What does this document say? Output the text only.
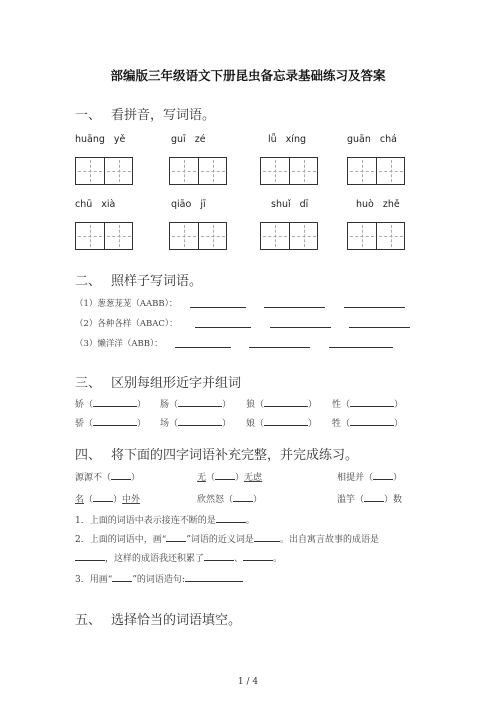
部编版三年级语文下册昆虫备忘录基础练习及答案
一、 看拼音，写词语。
huāng yě	guī zé	lǚ xíng	guān chá
chū xià	qiāo jī	shuǐ dī	huò zhě
二、 照样子写词语。
（1）葱葱茏茏（AABB）：
（2）各种各样（ABAC）：
（3）懒洋洋（ABB）：
三、 区别每组形近字并组词
娇（	） 肠（	） 狼（	） 性（	）
骄（	） 场（	） 娘（	） 牲（	）
四、 将下面的四字词语补充完整，并完成练习。
源源不（ ）	无（ ）无虑	相提并（ ）
名（ ）中外	欣然怒（ ）	滥竽（ ）数
1．上面的词语中表示接连不断的是	。
2．上面的词语中，画“ ”词语的近义词是	。出自寓言故事的成语是
，这样的成语我还积累了	、	。
3．用画“ ”的词语造句:
五、 选择恰当的词语填空。
1 / 4
